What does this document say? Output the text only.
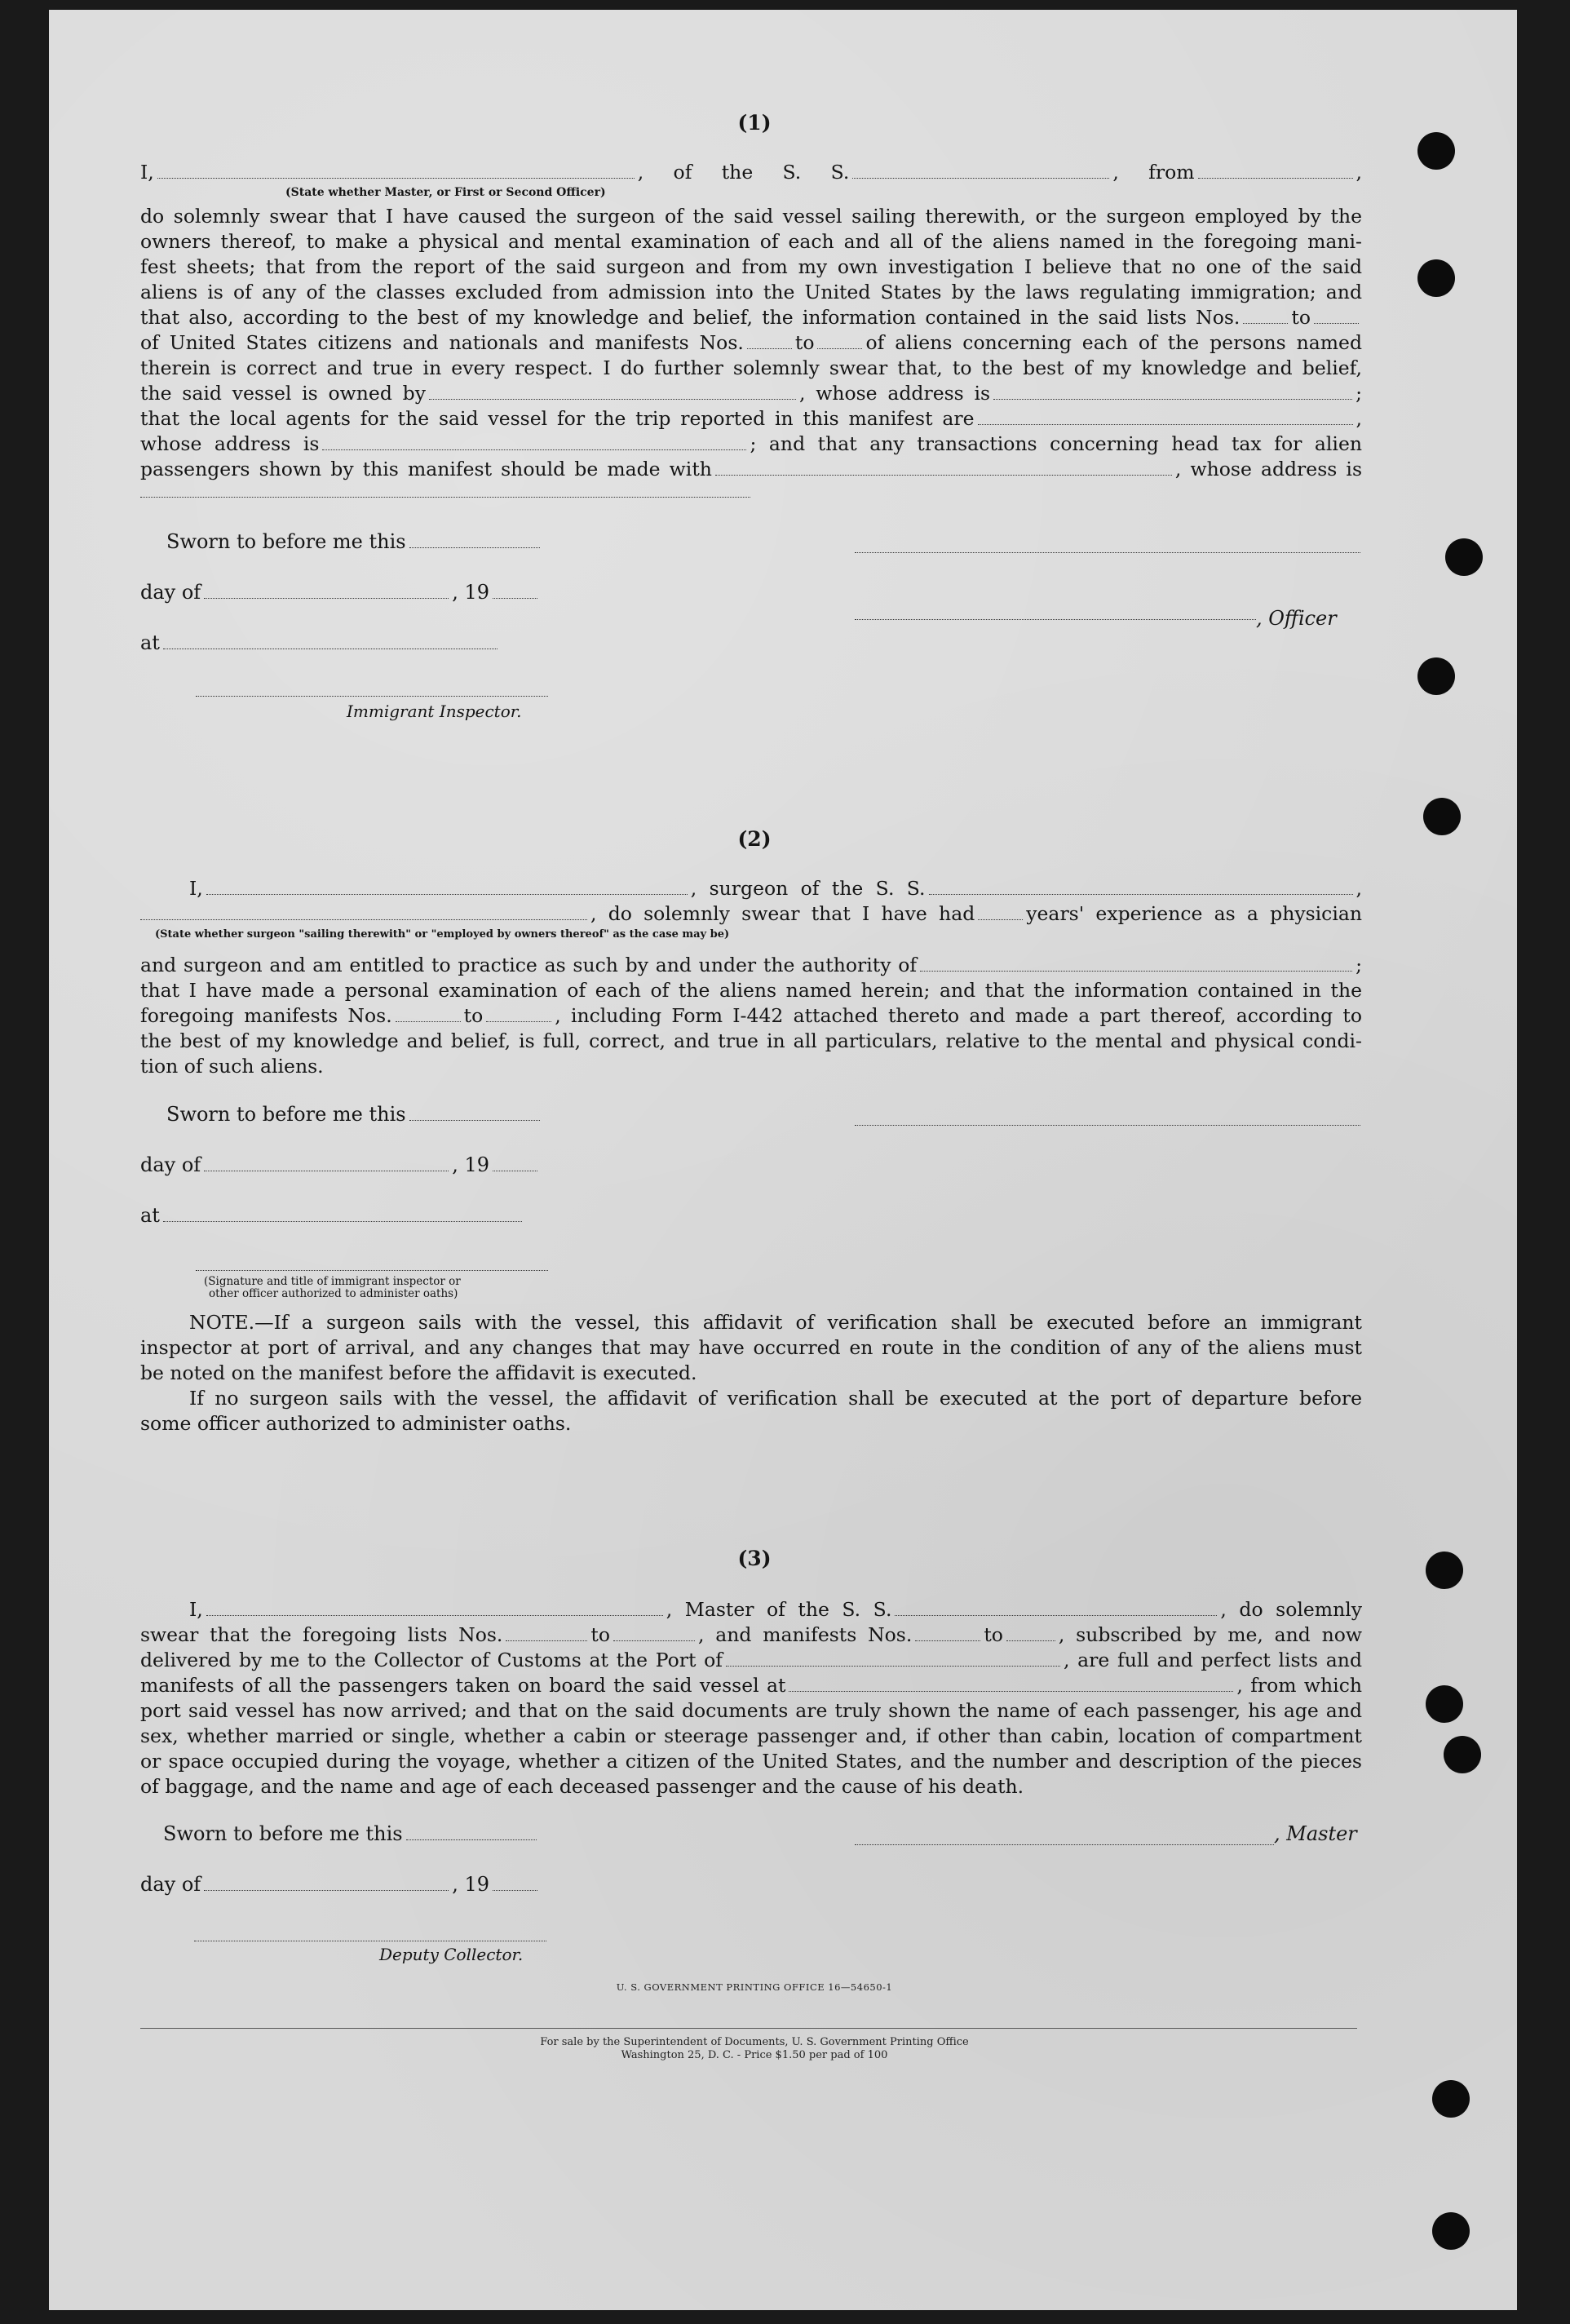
(1)
I,	, of the S. S.	, from	,
(State whether Master, or First or Second Officer)
do solemnly swear that I have caused the surgeon of the said vessel sailing therewith, or the surgeon employed by the
owners thereof, to make a physical and mental examination of each and all of the aliens named in the foregoing mani-
fest sheets; that from the report of the said surgeon and from my own investigation I believe that no one of the said
aliens is of any of the classes excluded from admission into the United States by the laws regulating immigration; and
that also, according to the best of my knowledge and belief, the information contained in the said lists Nos.	to
of United States citizens and nationals and manifests Nos.	to	of aliens concerning each of the persons named
therein is correct and true in every respect. I do further solemnly swear that, to the best of my knowledge and belief,
the said vessel is owned by	, whose address is	;
that the local agents for the said vessel for the trip reported in this manifest are	,
whose address is	; and that any transactions concerning head tax for alien
passengers shown by this manifest should be made with	, whose address is
Sworn to before me this
day of	, 19
, Officer
at
Immigrant Inspector.
(2)
I,	, surgeon of the S. S.	,
, do solemnly swear that I have had	years' experience as a physician
(State whether surgeon "sailing therewith" or "employed by owners thereof" as the case may be)
and surgeon and am entitled to practice as such by and under the authority of	;
that I have made a personal examination of each of the aliens named herein; and that the information contained in the
foregoing manifests Nos.	to	, including Form I-442 attached thereto and made a part thereof, according to
the best of my knowledge and belief, is full, correct, and true in all particulars, relative to the mental and physical condi-
tion of such aliens.
Sworn to before me this
day of	, 19
at
(Signature and title of immigrant inspector or
other officer authorized to administer oaths)
NOTE.—If a surgeon sails with the vessel, this affidavit of verification shall be executed before an immigrant
inspector at port of arrival, and any changes that may have occurred en route in the condition of any of the aliens must
be noted on the manifest before the affidavit is executed.
If no surgeon sails with the vessel, the affidavit of verification shall be executed at the port of departure before
some officer authorized to administer oaths.
(3)
I,	, Master of the S. S.	, do solemnly
swear that the foregoing lists Nos.	to	, and manifests Nos.	to	, subscribed by me, and now
delivered by me to the Collector of Customs at the Port of	, are full and perfect lists and
manifests of all the passengers taken on board the said vessel at	, from which
port said vessel has now arrived; and that on the said documents are truly shown the name of each passenger, his age and
sex, whether married or single, whether a cabin or steerage passenger and, if other than cabin, location of compartment
or space occupied during the voyage, whether a citizen of the United States, and the number and description of the pieces
of baggage, and the name and age of each deceased passenger and the cause of his death.
Sworn to before me this	, Master
day of	, 19
Deputy Collector.
U. S. GOVERNMENT PRINTING OFFICE 16—54650-1
For sale by the Superintendent of Documents, U. S. Government Printing Office
Washington 25, D. C. - Price $1.50 per pad of 100
